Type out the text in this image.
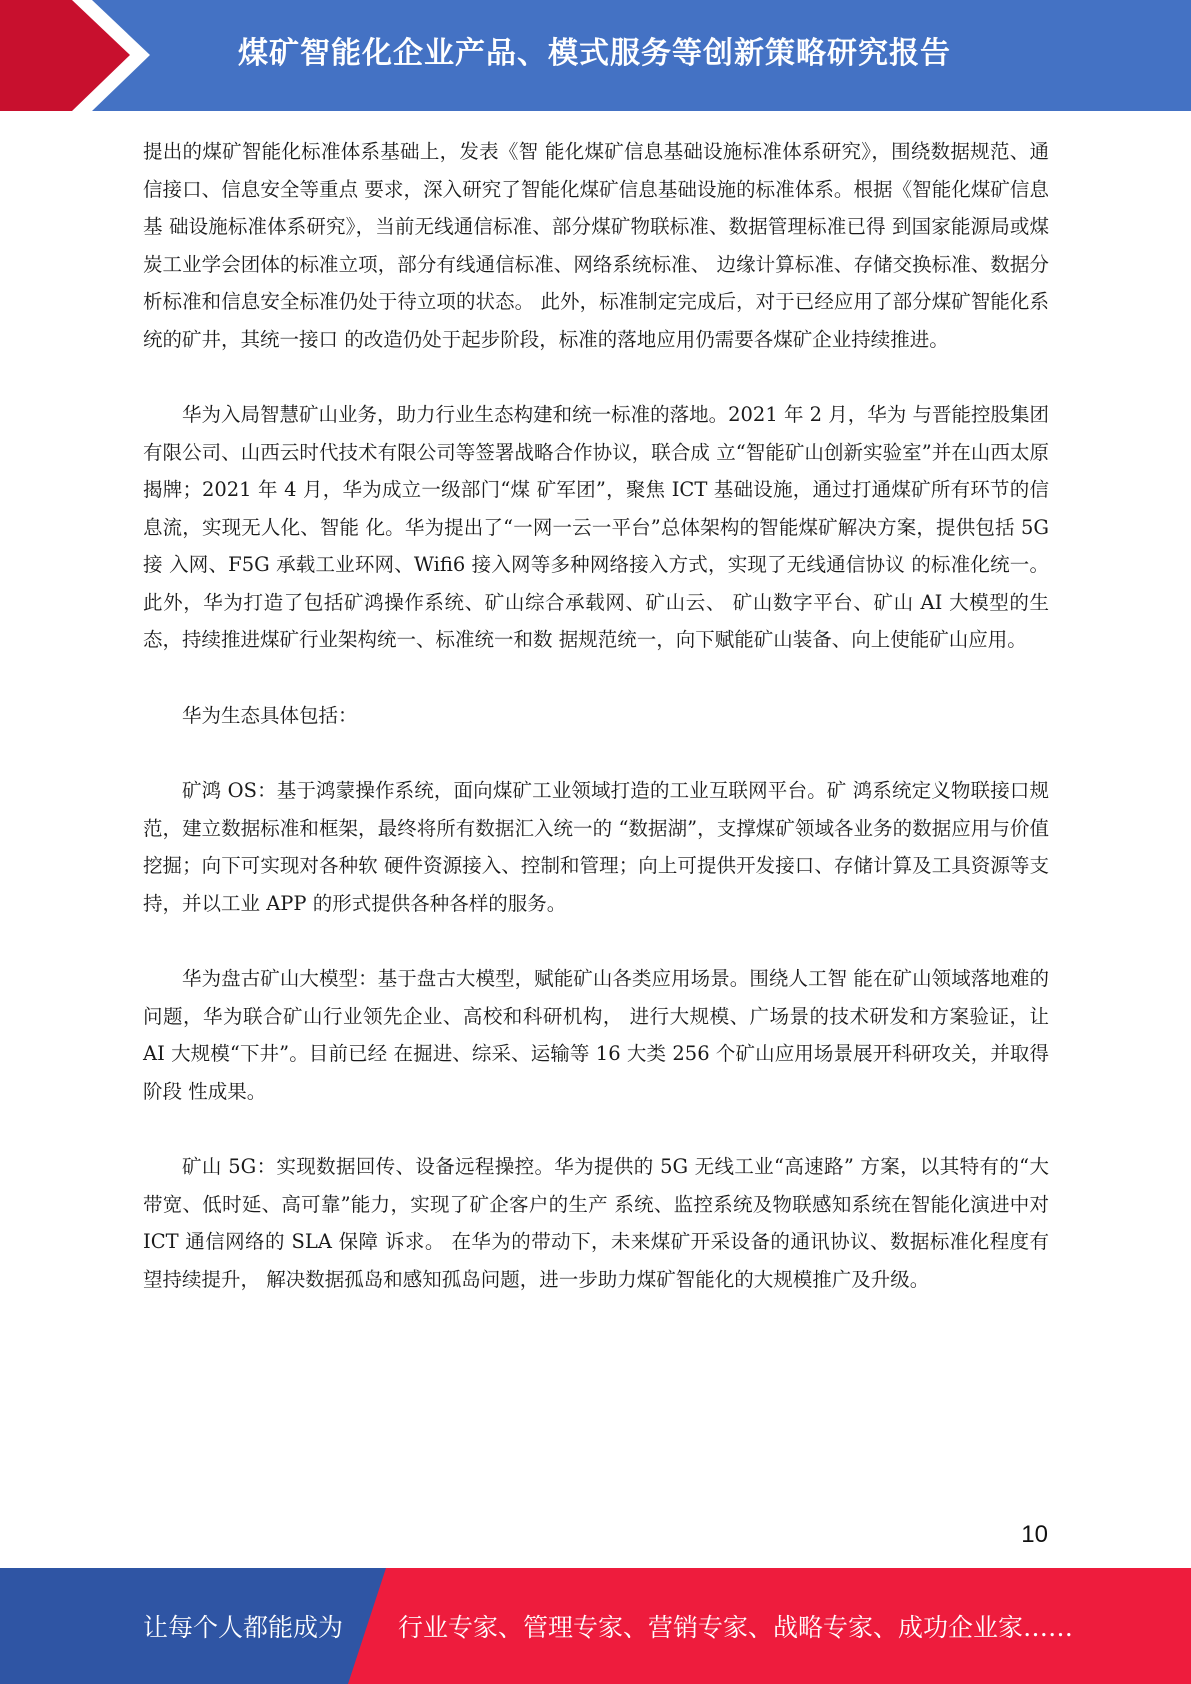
煤矿智能化企业产品、模式服务等创新策略研究报告

提出的煤矿智能化标准体系基础上，发表《智 能化煤矿信息基础设施标准体系研究》，围绕数据规范、通信接口、信息安全等重点 要求，深入研究了智能化煤矿信息基础设施的标准体系。根据《智能化煤矿信息基 础设施标准体系研究》，当前无线通信标准、部分煤矿物联标准、数据管理标准已得 到国家能源局或煤炭工业学会团体的标准立项，部分有线通信标准、网络系统标准、 边缘计算标准、存储交换标准、数据分析标准和信息安全标准仍处于待立项的状态。 此外，标准制定完成后，对于已经应用了部分煤矿智能化系统的矿井，其统一接口 的改造仍处于起步阶段，标准的落地应用仍需要各煤矿企业持续推进。

华为入局智慧矿山业务，助力行业生态构建和统一标准的落地。2021 年 2 月，华为 与晋能控股集团有限公司、山西云时代技术有限公司等签署战略合作协议，联合成 立“智能矿山创新实验室”并在山西太原揭牌；2021 年 4 月，华为成立一级部门“煤 矿军团”，聚焦 ICT 基础设施，通过打通煤矿所有环节的信息流，实现无人化、智能 化。华为提出了“一网一云一平台”总体架构的智能煤矿解决方案，提供包括 5G 接 入网、F5G 承载工业环网、Wifi6 接入网等多种网络接入方式，实现了无线通信协议 的标准化统一。此外，华为打造了包括矿鸿操作系统、矿山综合承载网、矿山云、 矿山数字平台、矿山 AI 大模型的生态，持续推进煤矿行业架构统一、标准统一和数 据规范统一，向下赋能矿山装备、向上使能矿山应用。

华为生态具体包括：

矿鸿 OS：基于鸿蒙操作系统，面向煤矿工业领域打造的工业互联网平台。矿 鸿系统定义物联接口规范，建立数据标准和框架，最终将所有数据汇入统一的 “数据湖”，支撑煤矿领域各业务的数据应用与价值挖掘；向下可实现对各种软 硬件资源接入、控制和管理；向上可提供开发接口、存储计算及工具资源等支 持，并以工业 APP 的形式提供各种各样的服务。

华为盘古矿山大模型：基于盘古大模型，赋能矿山各类应用场景。围绕人工智 能在矿山领域落地难的问题，华为联合矿山行业领先企业、高校和科研机构， 进行大规模、广场景的技术研发和方案验证，让 AI 大规模“下井”。目前已经 在掘进、综采、运输等 16 大类 256 个矿山应用场景展开科研攻关，并取得阶段 性成果。

矿山 5G：实现数据回传、设备远程操控。华为提供的 5G 无线工业“高速路” 方案，以其特有的“大带宽、低时延、高可靠”能力，实现了矿企客户的生产 系统、监控系统及物联感知系统在智能化演进中对 ICT 通信网络的 SLA 保障 诉求。 在华为的带动下，未来煤矿开采设备的通讯协议、数据标准化程度有望持续提升， 解决数据孤岛和感知孤岛问题，进一步助力煤矿智能化的大规模推广及升级。

10
让每个人都能成为 行业专家、管理专家、营销专家、战略专家、成功企业家……
